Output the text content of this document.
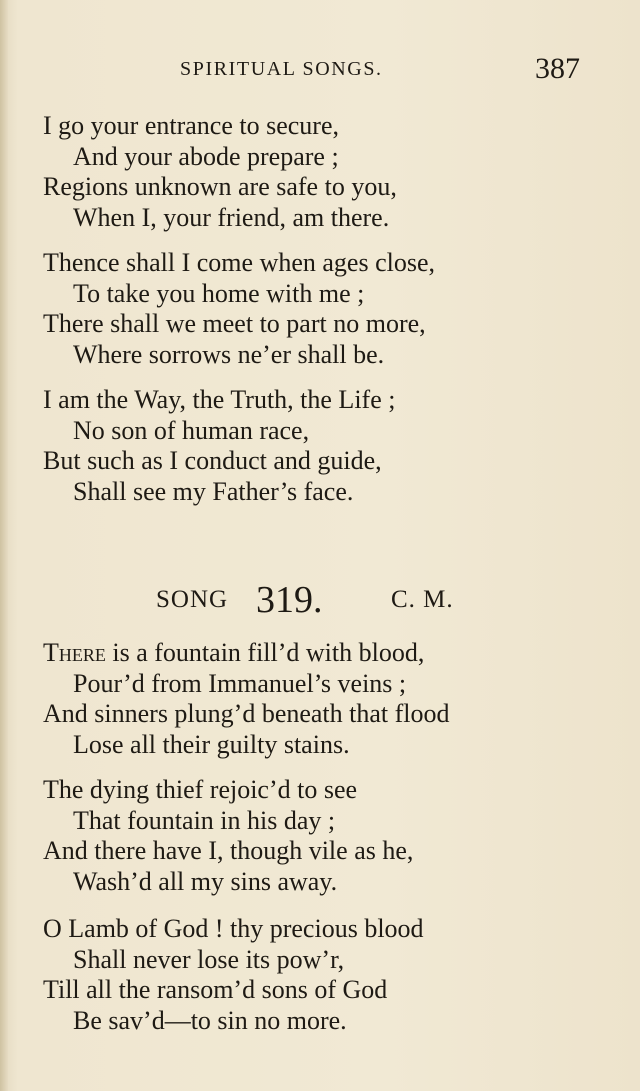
SPIRITUAL SONGS.	387
I go your entrance to secure,
And your abode prepare ;
Regions unknown are safe to you,
When I, your friend, am there.
Thence shall I come when ages close,
To take you home with me ;
There shall we meet to part no more,
Where sorrows ne’er shall be.
I am the Way, the Truth, the Life ;
No son of human race,
But such as I conduct and guide,
Shall see my Father’s face.
SONG 319.	C. M.
There is a fountain fill’d with blood,
Pour’d from Immanuel’s veins ;
And sinners plung’d beneath that flood
Lose all their guilty stains.
The dying thief rejoic’d to see
That fountain in his day ;
And there have I, though vile as he,
Wash’d all my sins away.
O Lamb of God ! thy precious blood
Shall never lose its pow’r,
Till all the ransom’d sons of God
Be sav’d—to sin no more.
